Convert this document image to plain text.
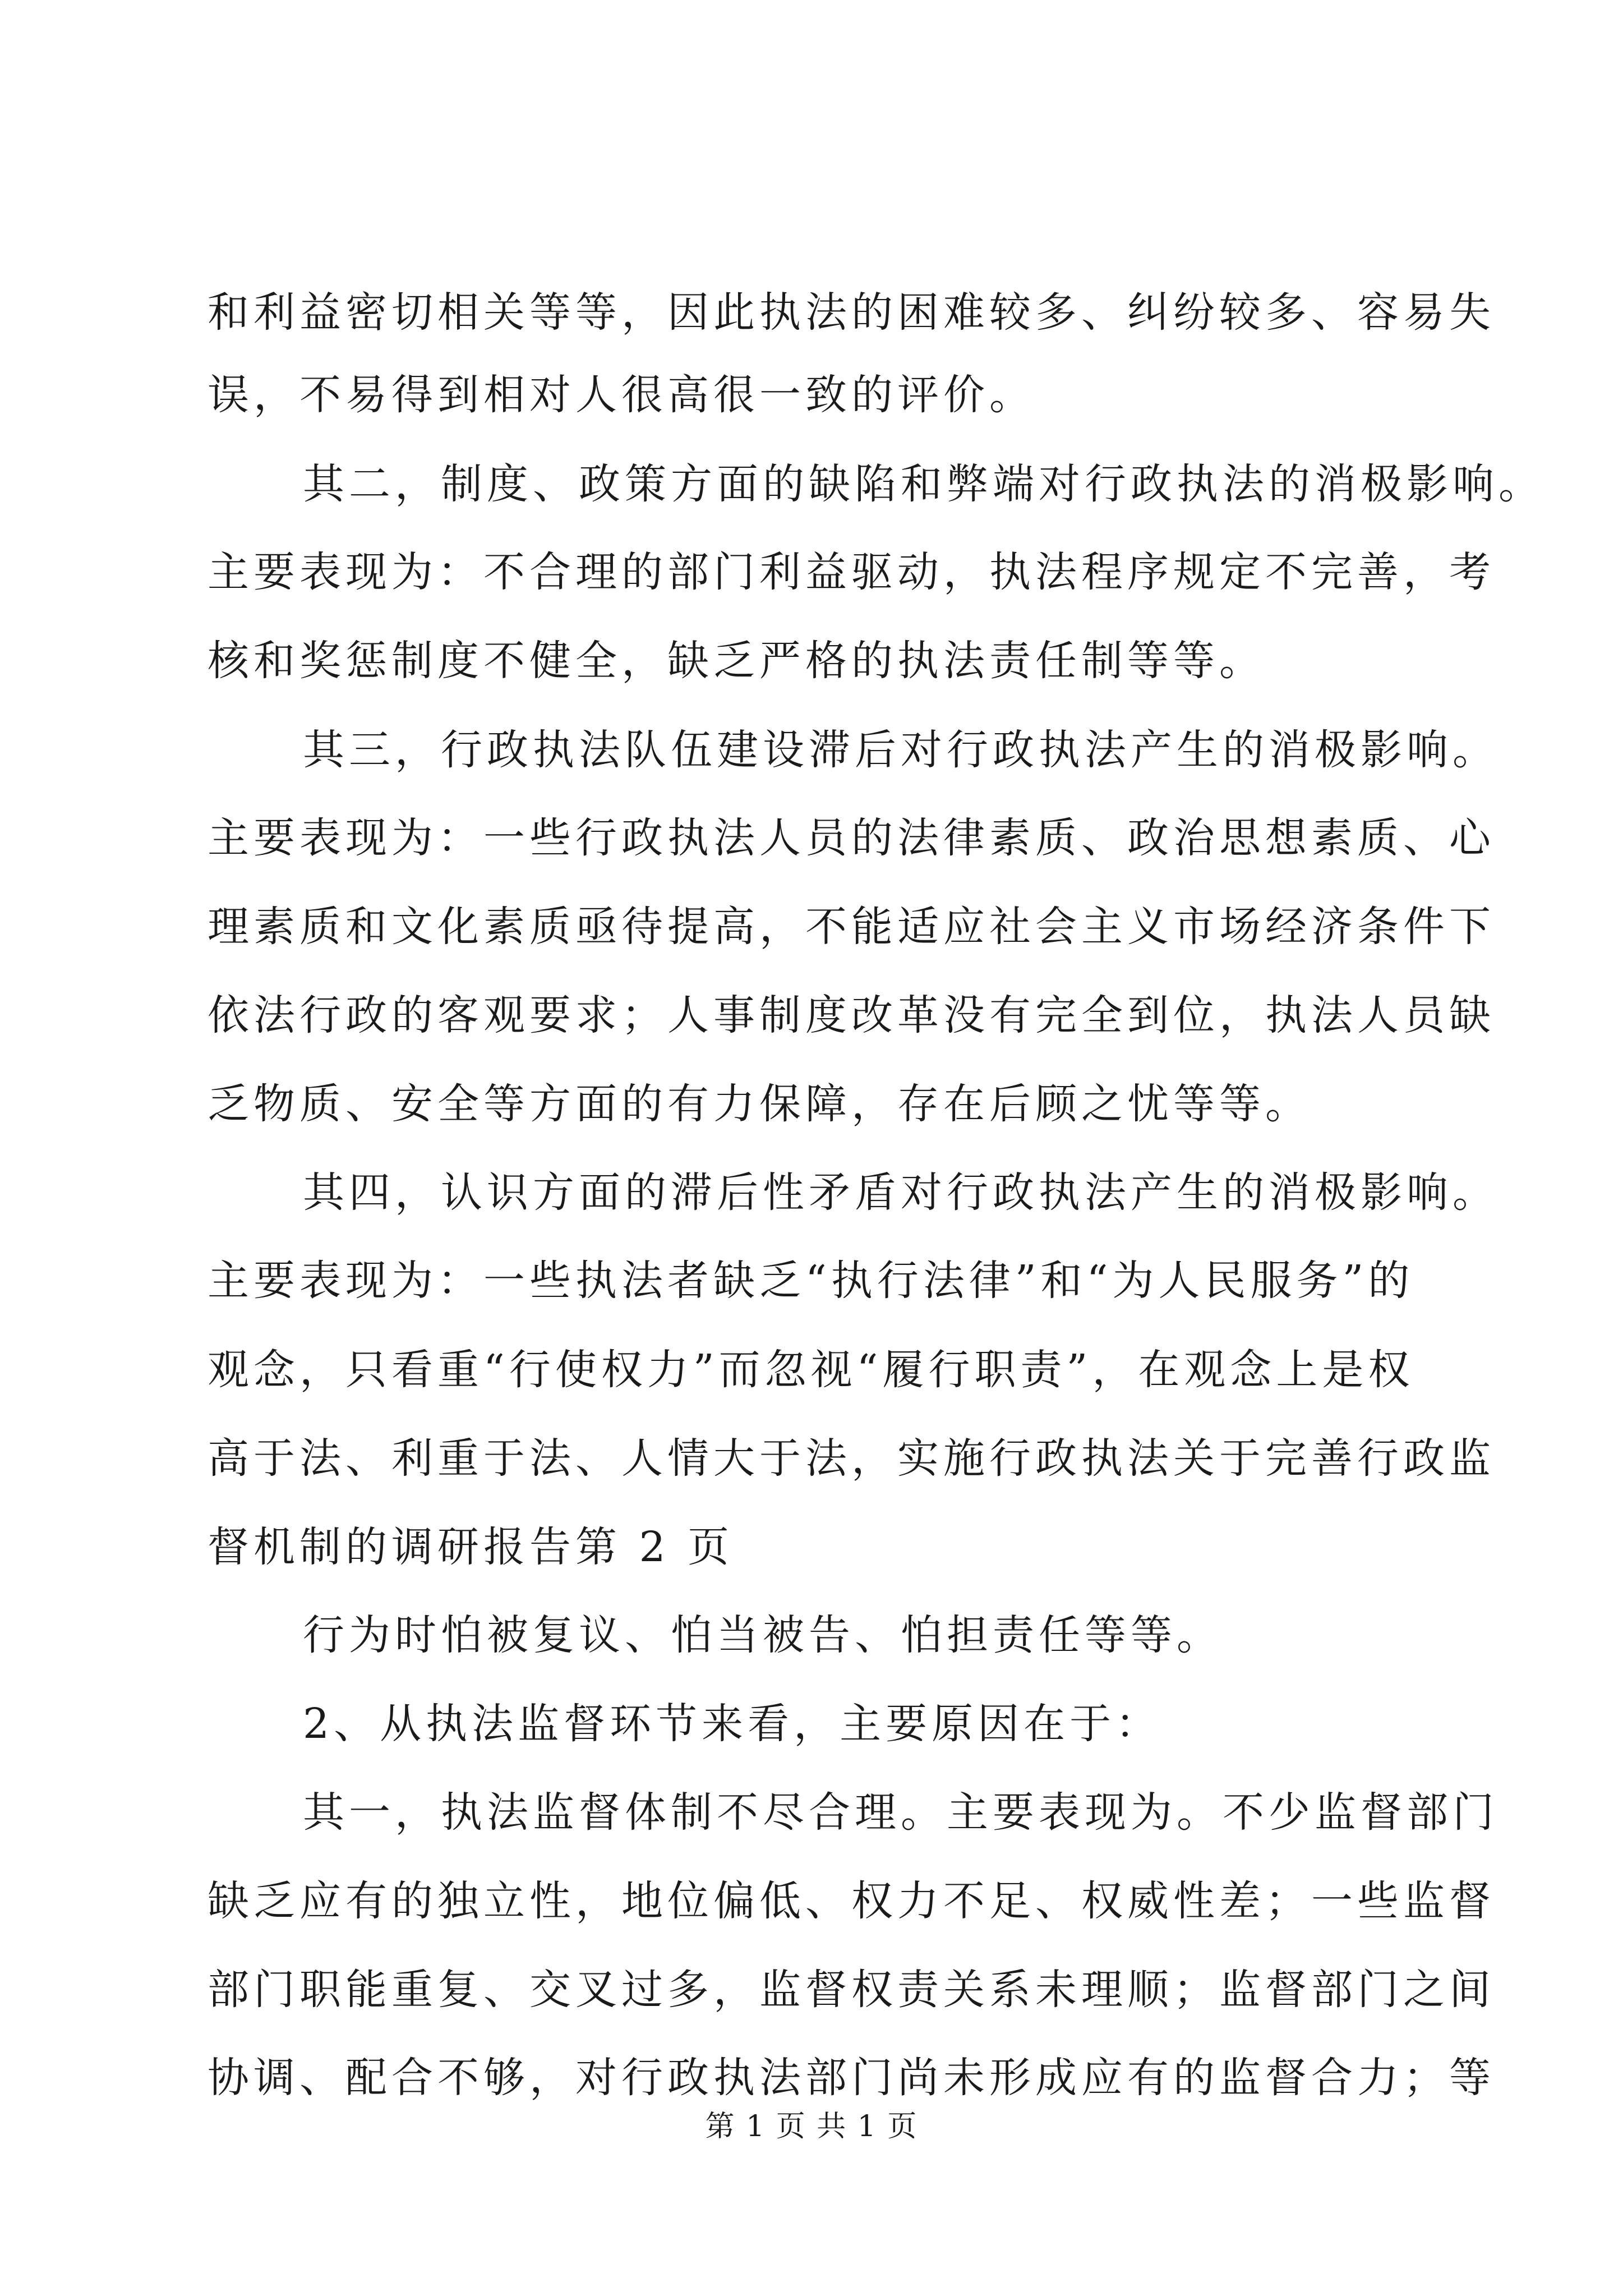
和利益密切相关等等，因此执法的困难较多、纠纷较多、容易失
误，不易得到相对人很高很一致的评价。
其二，制度、政策方面的缺陷和弊端对行政执法的消极影响。
主要表现为：不合理的部门利益驱动，执法程序规定不完善，考
核和奖惩制度不健全，缺乏严格的执法责任制等等。
其三，行政执法队伍建设滞后对行政执法产生的消极影响。
主要表现为：一些行政执法人员的法律素质、政治思想素质、心
理素质和文化素质亟待提高，不能适应社会主义市场经济条件下
依法行政的客观要求；人事制度改革没有完全到位，执法人员缺
乏物质、安全等方面的有力保障，存在后顾之忧等等。
其四，认识方面的滞后性矛盾对行政执法产生的消极影响。
主要表现为：一些执法者缺乏“执行法律”和“为人民服务”的
观念，只看重“行使权力”而忽视“履行职责”，在观念上是权
高于法、利重于法、人情大于法，实施行政执法关于完善行政监
督机制的调研报告第 2 页
行为时怕被复议、怕当被告、怕担责任等等。
2、从执法监督环节来看，主要原因在于：
其一，执法监督体制不尽合理。主要表现为。不少监督部门
缺乏应有的独立性，地位偏低、权力不足、权威性差；一些监督
部门职能重复、交叉过多，监督权责关系未理顺；监督部门之间
协调、配合不够，对行政执法部门尚未形成应有的监督合力；等
第 1 页 共 1 页
